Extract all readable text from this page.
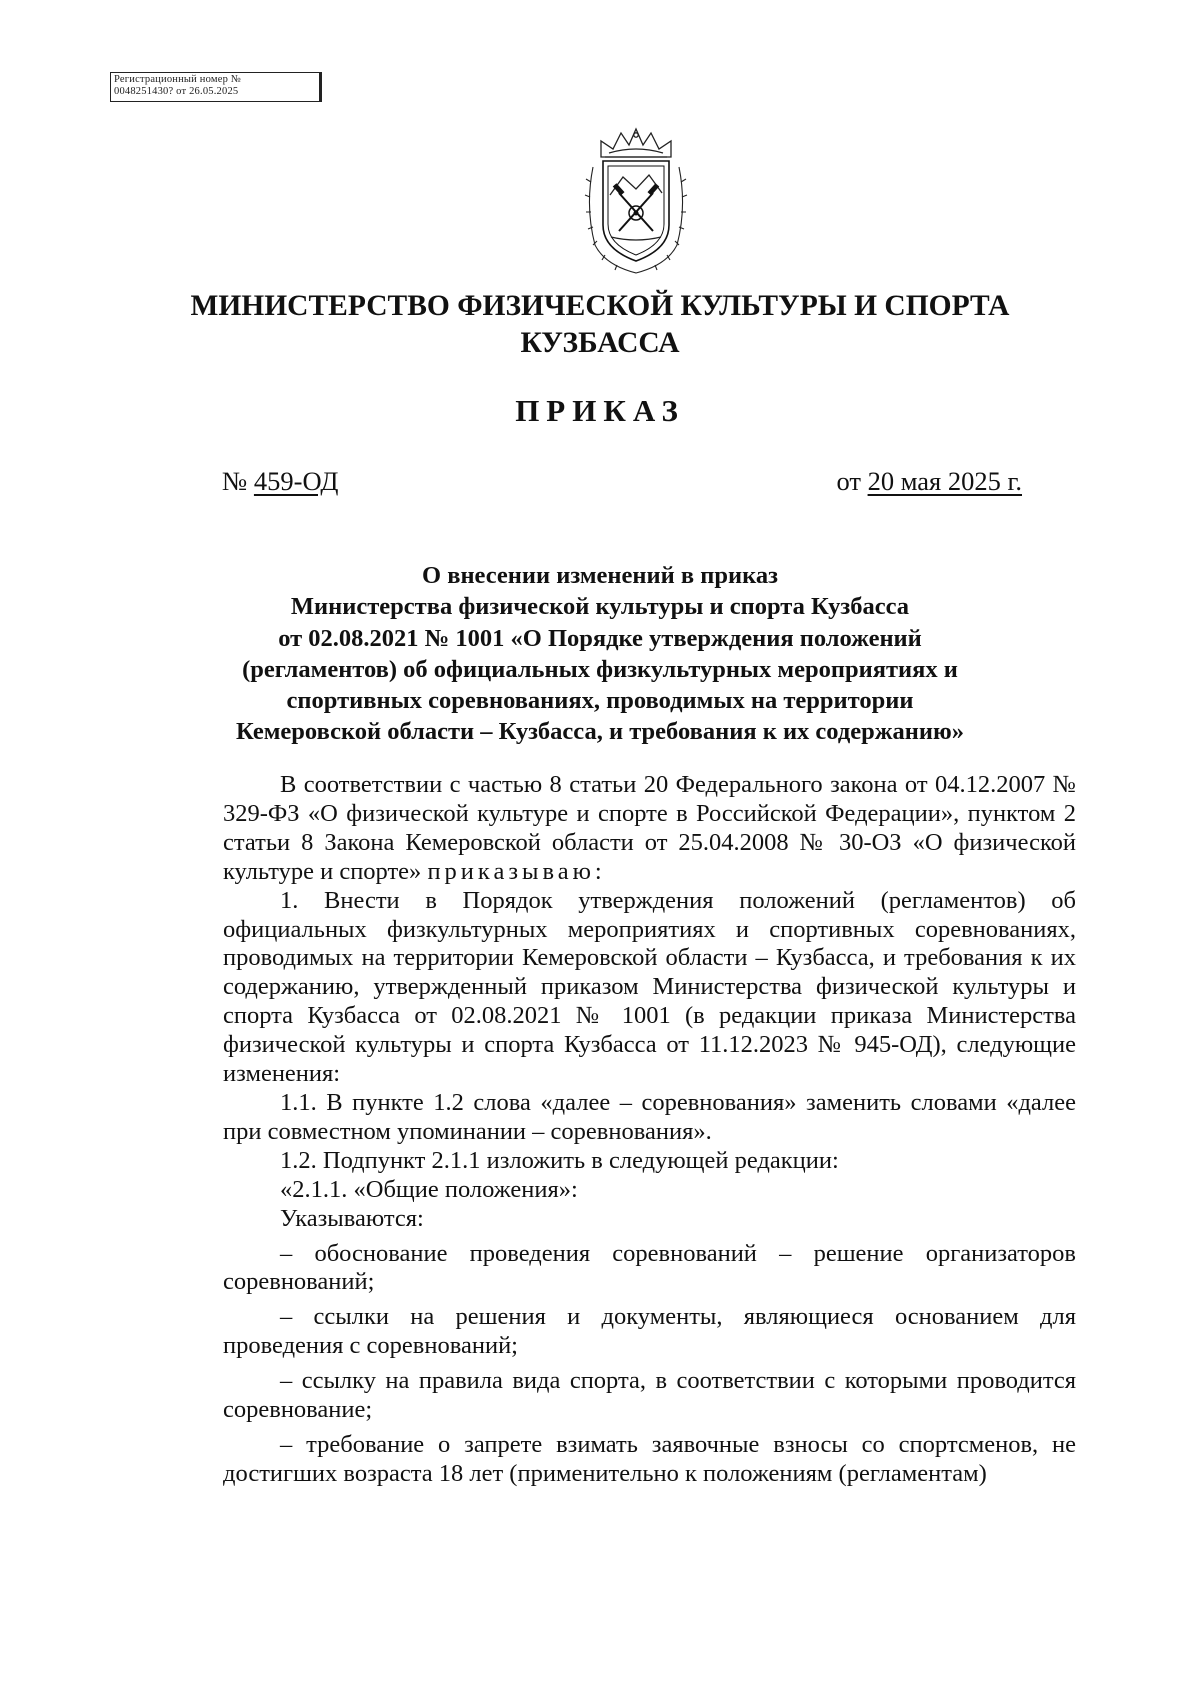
Регистрационный номер №
0048251430? от 26.05.2025
МИНИСТЕРСТВО ФИЗИЧЕСКОЙ КУЛЬТУРЫ И СПОРТА
КУЗБАССА
ПРИКАЗ
№ 459-ОД	от 20 мая 2025 г.
О внесении изменений в приказ
Министерства физической культуры и спорта Кузбасса
от 02.08.2021 № 1001 «О Порядке утверждения положений
(регламентов) об официальных физкультурных мероприятиях и
спортивных соревнованиях, проводимых на территории
Кемеровской области – Кузбасса, и требования к их содержанию»

В соответствии с частью 8 статьи 20 Федерального закона от 04.12.2007 № 329-ФЗ «О физической культуре и спорте в Российской Федерации», пунктом 2 статьи 8 Закона Кемеровской области от 25.04.2008 № 30-ОЗ «О физической культуре и спорте» приказываю:

1. Внести в Порядок утверждения положений (регламентов) об официальных физкультурных мероприятиях и спортивных соревнованиях, проводимых на территории Кемеровской области – Кузбасса, и требования к их содержанию, утвержденный приказом Министерства физической культуры и спорта Кузбасса от 02.08.2021 № 1001 (в редакции приказа Министерства физической культуры и спорта Кузбасса от 11.12.2023 № 945-ОД), следующие изменения:

1.1. В пункте 1.2 слова «далее – соревнования» заменить словами «далее при совместном упоминании – соревнования».

1.2. Подпункт 2.1.1 изложить в следующей редакции:

«2.1.1. «Общие положения»:

Указываются:

– обоснование проведения соревнований – решение организаторов соревнований;

– ссылки на решения и документы, являющиеся основанием для проведения с соревнований;

– ссылку на правила вида спорта, в соответствии с которыми проводится соревнование;

– требование о запрете взимать заявочные взносы со спортсменов, не достигших возраста 18 лет (применительно к положениям (регламентам)
